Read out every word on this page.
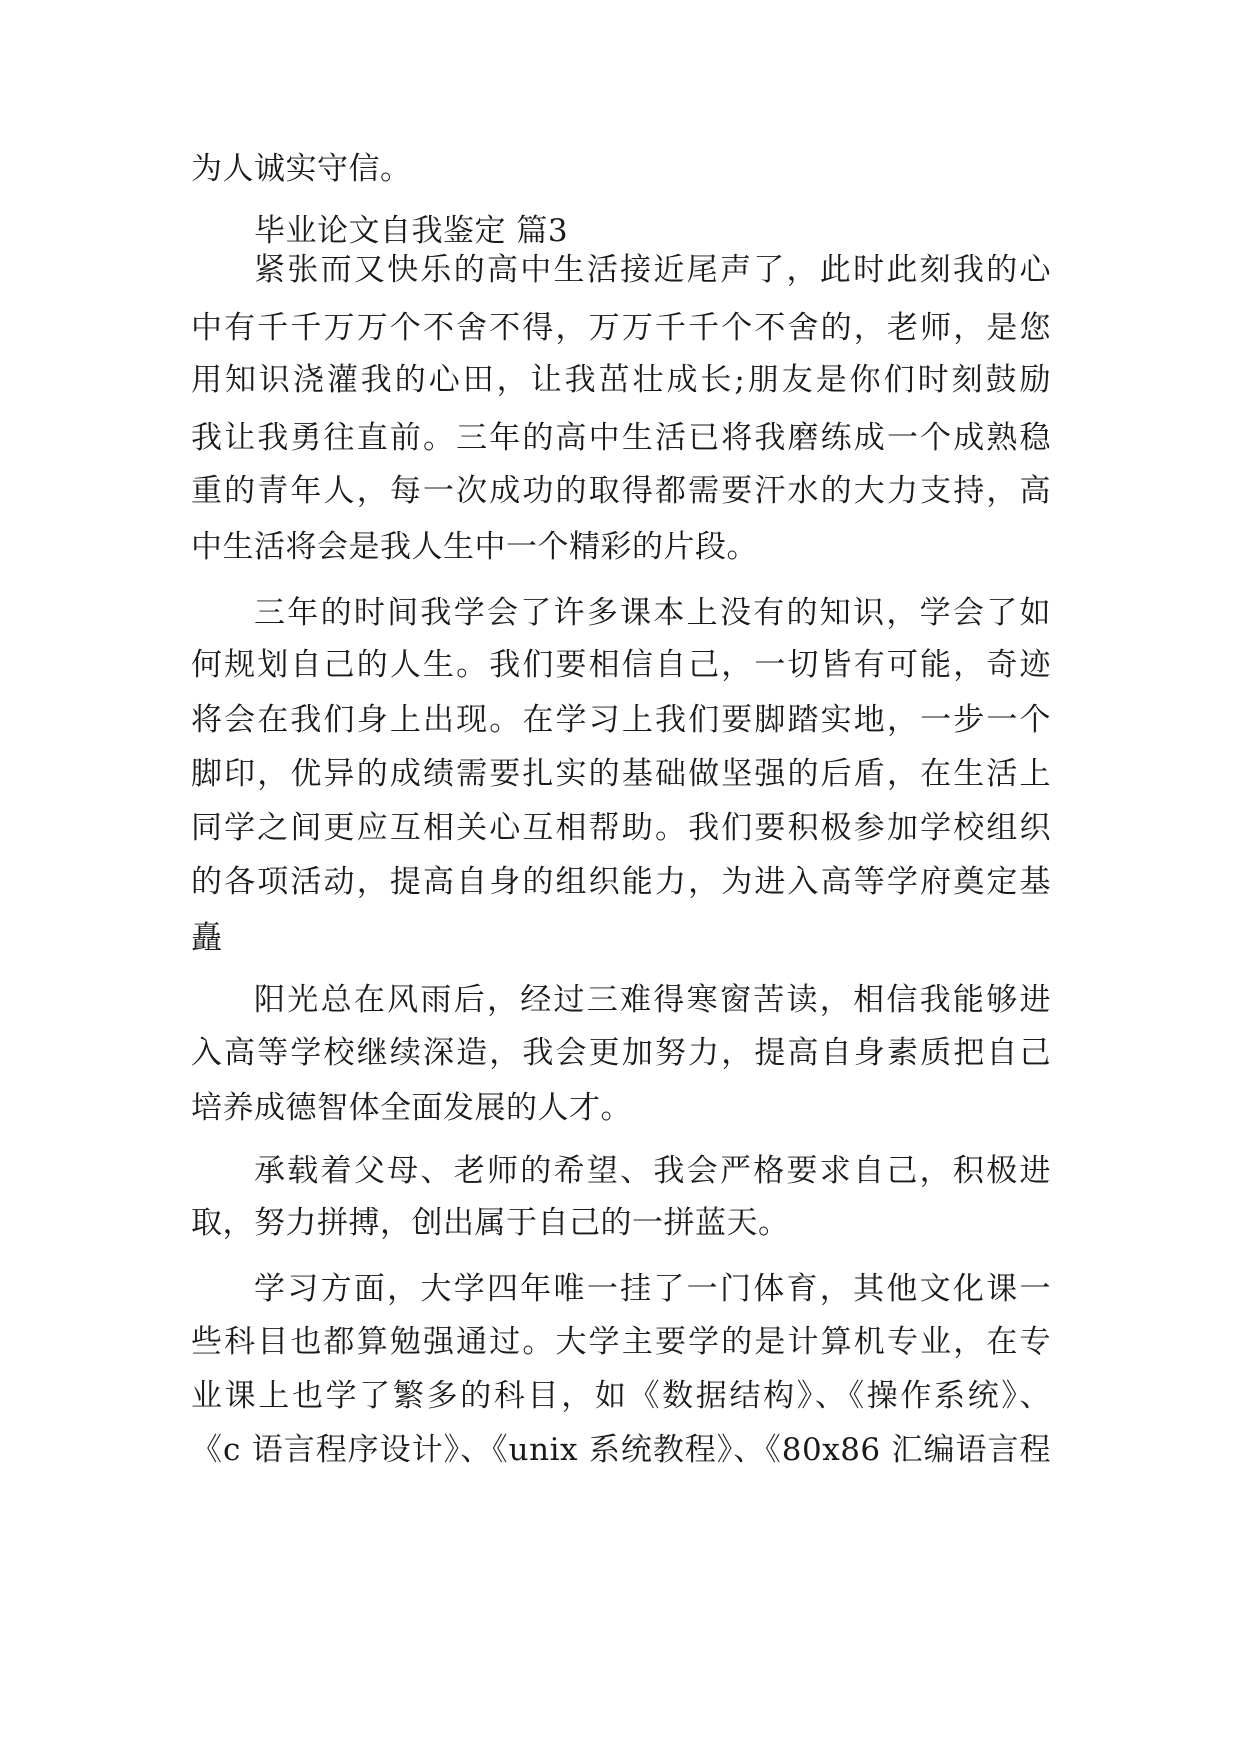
为人诚实守信。
毕业论文自我鉴定 篇3
紧张而又快乐的高中生活接近尾声了，此时此刻我的心
中有千千万万个不舍不得，万万千千个不舍的，老师，是您
用知识浇灌我的心田，让我茁壮成长;朋友是你们时刻鼓励
我让我勇往直前。三年的高中生活已将我磨练成一个成熟稳
重的青年人，每一次成功的取得都需要汗水的大力支持，高
中生活将会是我人生中一个精彩的片段。
三年的时间我学会了许多课本上没有的知识，学会了如
何规划自己的人生。我们要相信自己，一切皆有可能，奇迹
将会在我们身上出现。在学习上我们要脚踏实地，一步一个
脚印，优异的成绩需要扎实的基础做坚强的后盾，在生活上
同学之间更应互相关心互相帮助。我们要积极参加学校组织
的各项活动，提高自身的组织能力，为进入高等学府奠定基
矗
阳光总在风雨后，经过三难得寒窗苦读，相信我能够进
入高等学校继续深造，我会更加努力，提高自身素质把自己
培养成德智体全面发展的人才。
承载着父母、老师的希望、我会严格要求自己，积极进
取，努力拼搏，创出属于自己的一拼蓝天。
学习方面，大学四年唯一挂了一门体育，其他文化课一
些科目也都算勉强通过。大学主要学的是计算机专业，在专
业课上也学了繁多的科目，如《数据结构》、《操作系统》、
《c 语言程序设计》、《unix 系统教程》、《80x86 汇编语言程
